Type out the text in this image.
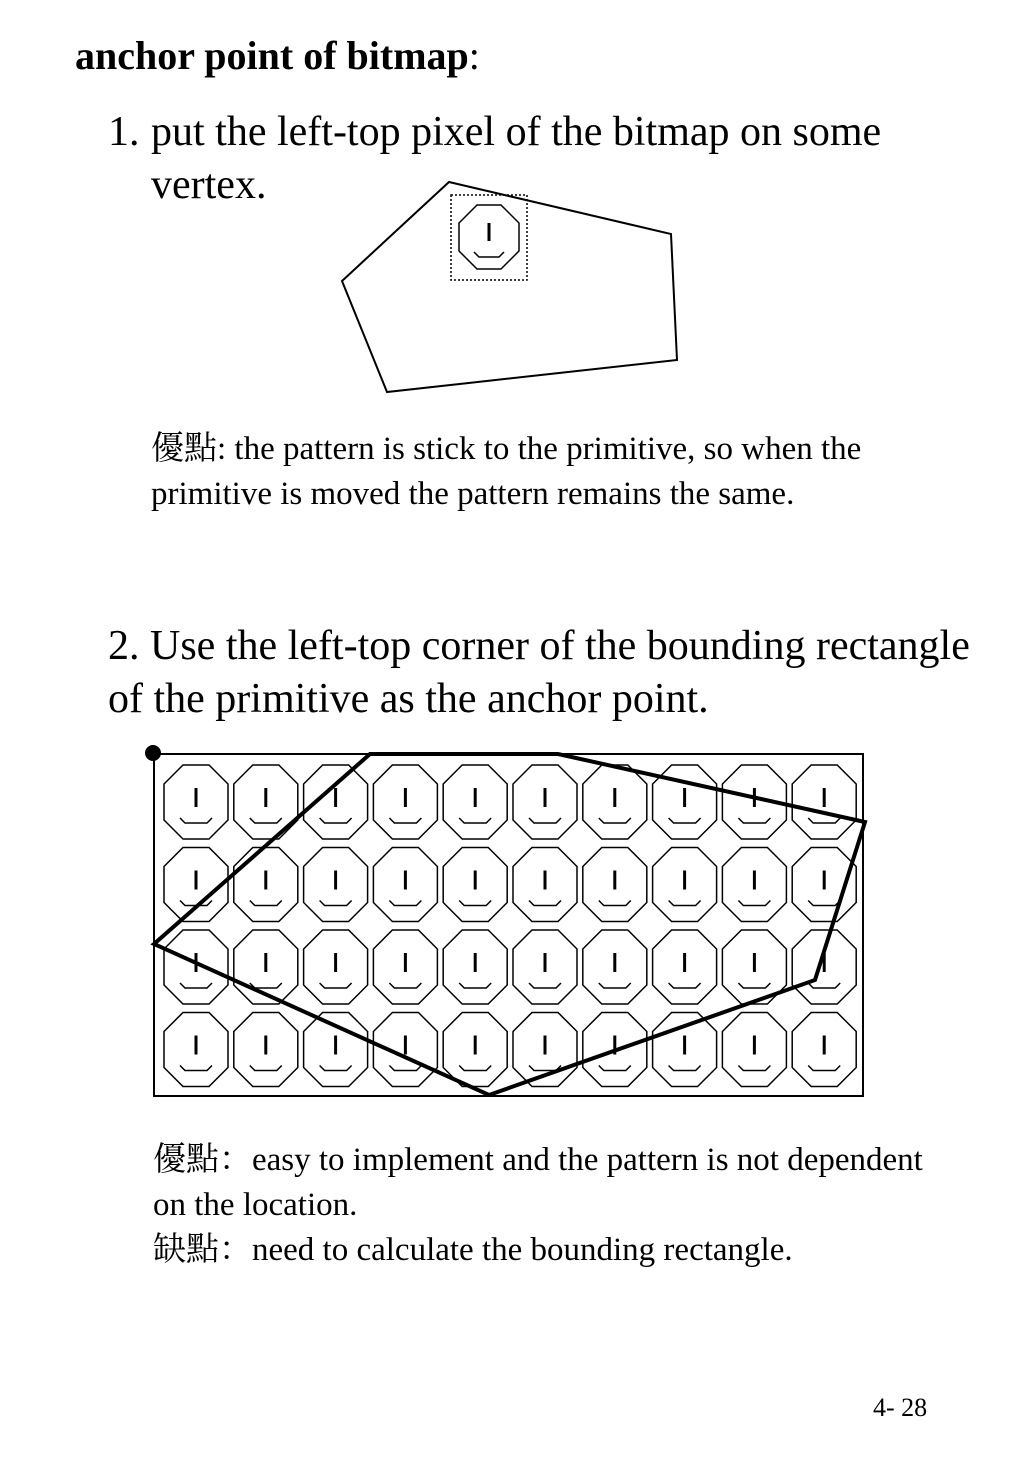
anchor point of bitmap:
1. put the left-top pixel of the bitmap on some vertex.
優點: the pattern is stick to the primitive, so when the primitive is moved the pattern remains the same.
2. Use the left-top corner of the bounding rectangle of the primitive as the anchor point.
優點：easy to implement and the pattern is not dependent on the location.
缺點：need to calculate the bounding rectangle.
4- 28
